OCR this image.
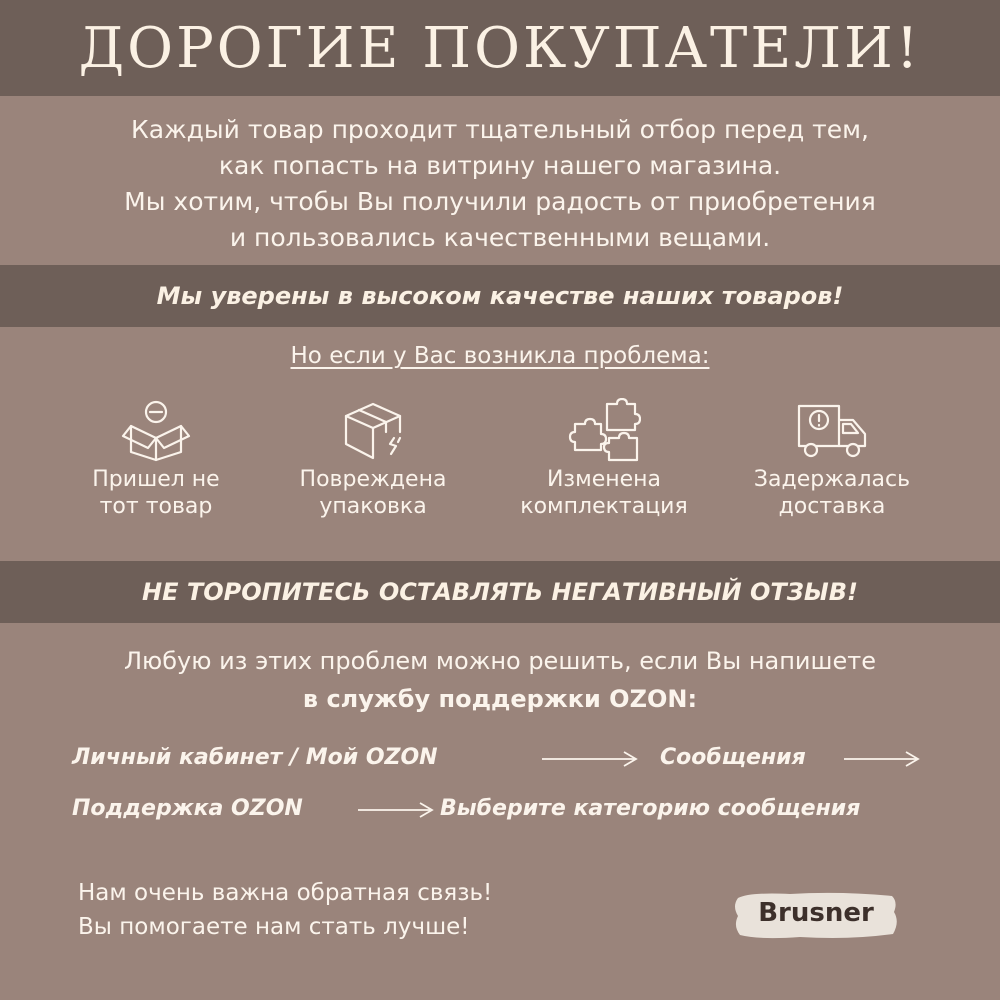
ДОРОГИЕ ПОКУПАТЕЛИ!
Каждый товар проходит тщательный отбор перед тем,
как попасть на витрину нашего магазина.
Мы хотим, чтобы Вы получили радость от приобретения
и пользовались качественными вещами.
Мы уверены в высоком качестве наших товаров!
Но если у Вас возникла проблема:
Пришел не
тот товар
Повреждена
упаковка
Изменена
комплектация
Задержалась
доставка
НЕ ТОРОПИТЕСЬ ОСТАВЛЯТЬ НЕГАТИВНЫЙ ОТЗЫВ!
Любую из этих проблем можно решить, если Вы напишете
в службу поддержки OZON:
Личный кабинет / Мой OZON	Сообщения
Поддержка OZON	Выберите категорию сообщения
Нам очень важна обратная связь!
Вы помогаете нам стать лучше!	Brusner
